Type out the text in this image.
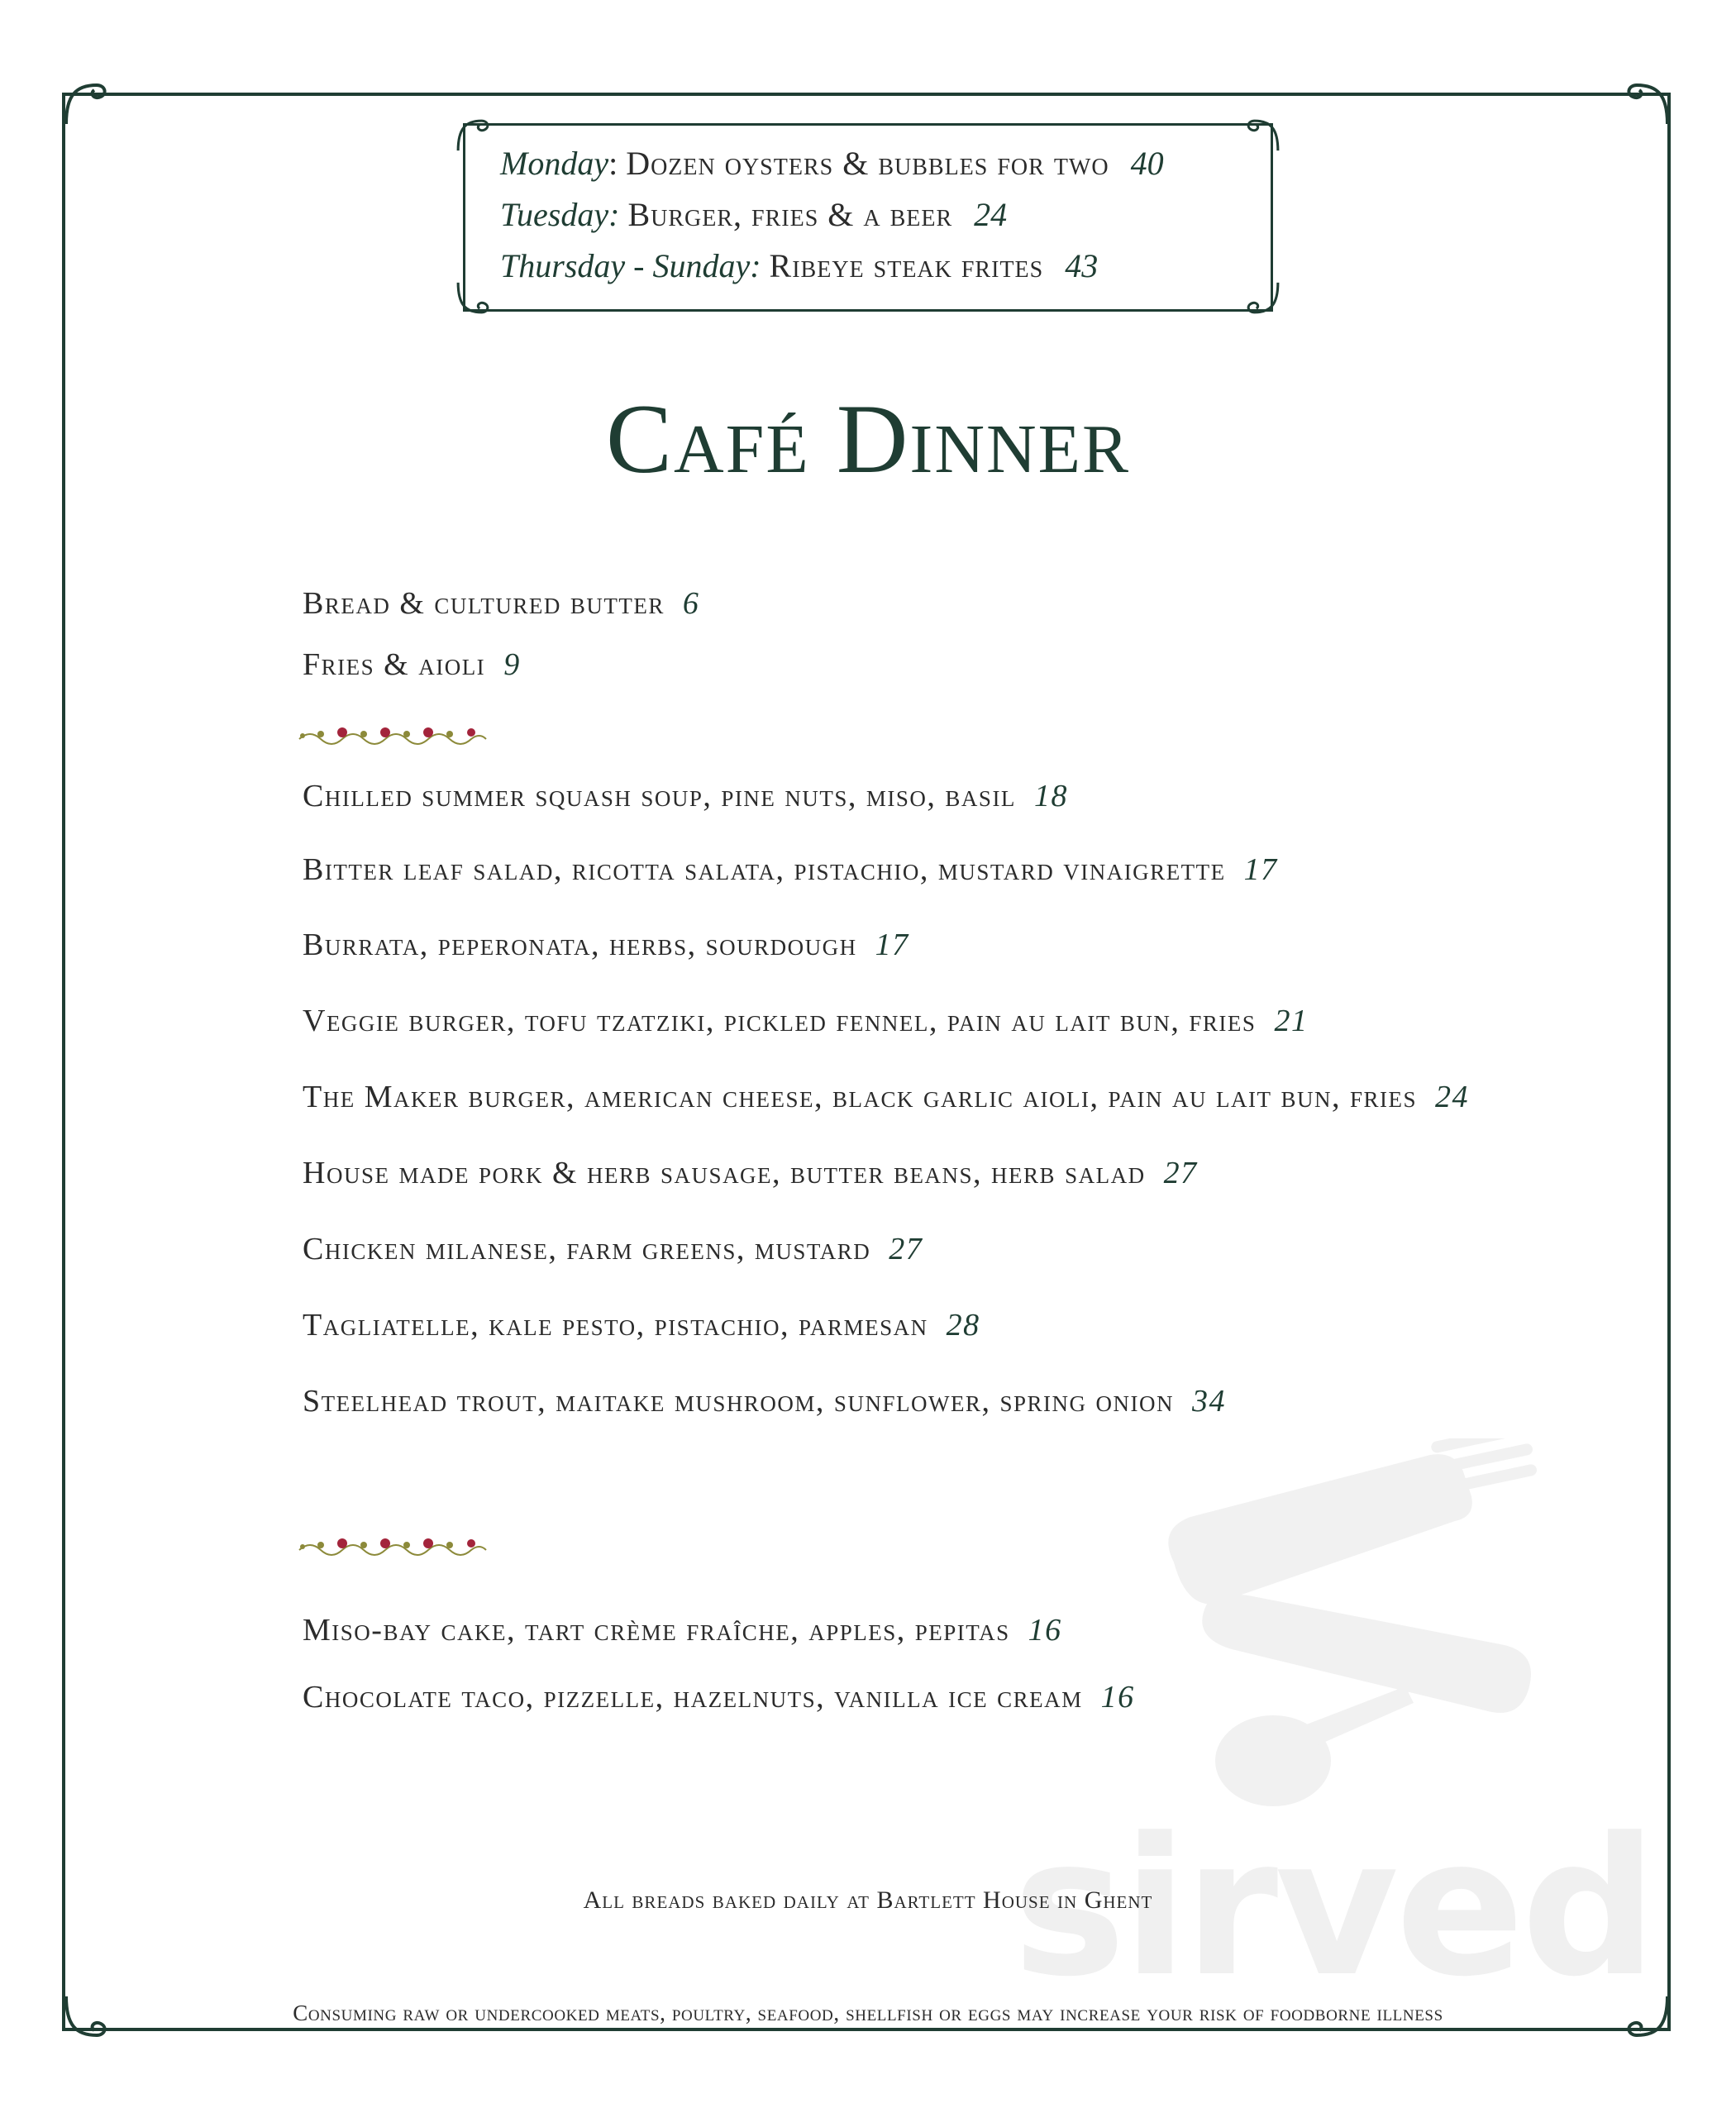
Monday: Dozen oysters & bubbles for two 40
Tuesday: Burger, fries & a beer 24
Thursday - Sunday: Ribeye steak frites 43
Café Dinner
Bread & cultured butter 6
Fries & aioli 9
Chilled summer squash soup, pine nuts, miso, basil 18
Bitter leaf salad, ricotta salata, pistachio, mustard vinaigrette 17
Burrata, peperonata, herbs, sourdough 17
Veggie burger, tofu tzatziki, pickled fennel, pain au lait bun, fries 21
The Maker burger, american cheese, black garlic aioli, pain au lait bun, fries 24
House made pork & herb sausage, butter beans, herb salad 27
Chicken milanese, farm greens, mustard 27
Tagliatelle, kale pesto, pistachio, parmesan 28
Steelhead trout, maitake mushroom, sunflower, spring onion 34
Miso-bay cake, tart crème fraîche, apples, pepitas 16
Chocolate taco, pizzelle, hazelnuts, vanilla ice cream 16
sirved
All breads baked daily at Bartlett House in Ghent
Consuming raw or undercooked meats, poultry, seafood, shellfish or eggs may increase your risk of foodborne illness
